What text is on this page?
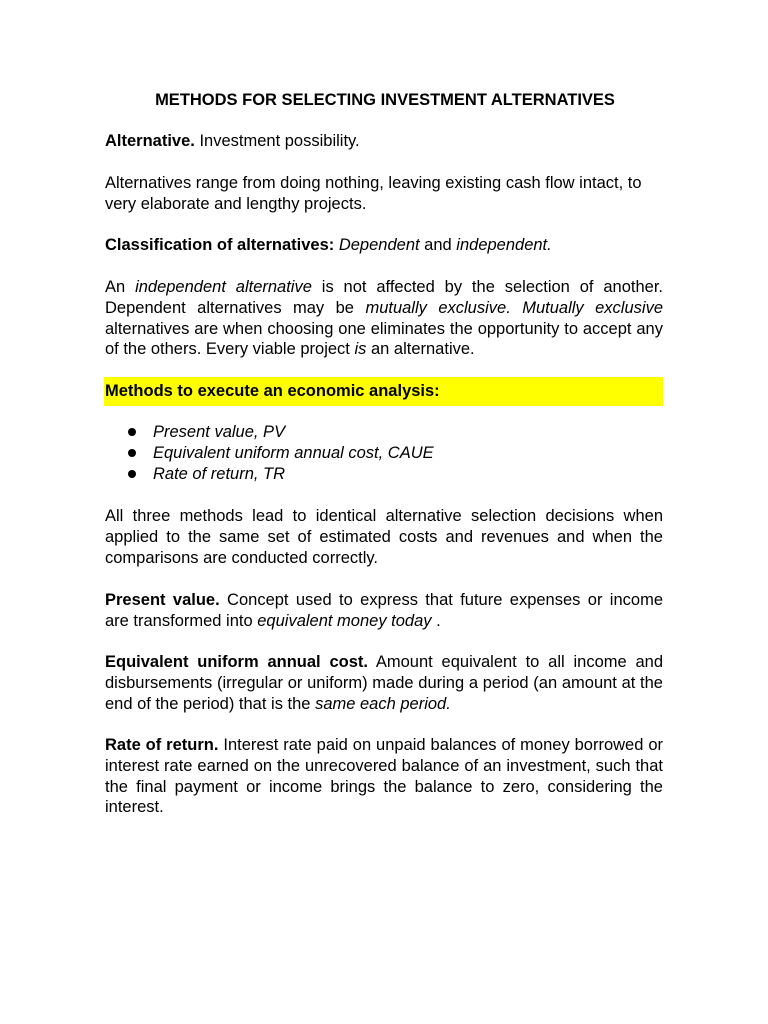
METHODS FOR SELECTING INVESTMENT ALTERNATIVES

Alternative. Investment possibility.

Alternatives range from doing nothing, leaving existing cash flow intact, to very elaborate and lengthy projects.

Classification of alternatives: Dependent and independent.

An independent alternative is not affected by the selection of another. Dependent alternatives may be mutually exclusive. Mutually exclusive alternatives are when choosing one eliminates the opportunity to accept any of the others. Every viable project is an alternative.

Methods to execute an economic analysis:

Present value, PV
Equivalent uniform annual cost, CAUE
Rate of return, TR

All three methods lead to identical alternative selection decisions when applied to the same set of estimated costs and revenues and when the comparisons are conducted correctly.

Present value. Concept used to express that future expenses or income are transformed into equivalent money today .

Equivalent uniform annual cost. Amount equivalent to all income and disbursements (irregular or uniform) made during a period (an amount at the end of the period) that is the same each period.

Rate of return. Interest rate paid on unpaid balances of money borrowed or interest rate earned on the unrecovered balance of an investment, such that the final payment or income brings the balance to zero, considering the interest.
